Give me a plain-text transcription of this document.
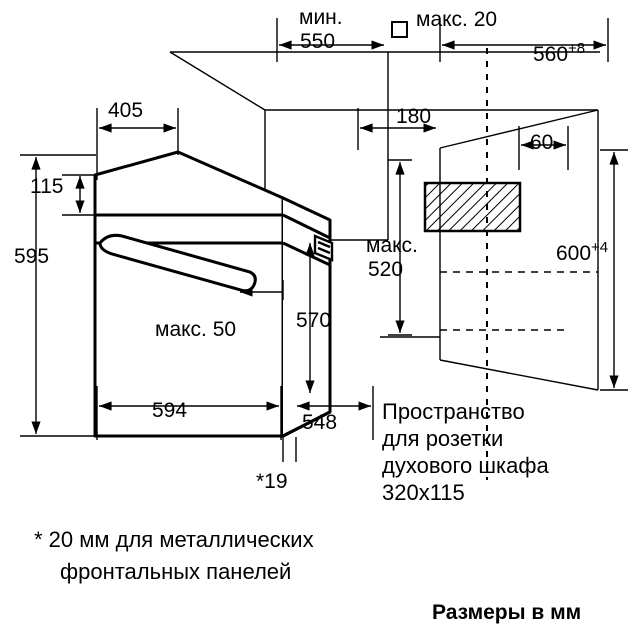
мин.
550
макс. 20
$560^{+8}$
405	180
60
115
595
570
макс.
520
$600^{+4}$
макс. 50
594
548
*19
Пространство
для розетки
духового шкафа
320x115
* 20 мм для металлических
фронтальных панелей
Размеры в мм
